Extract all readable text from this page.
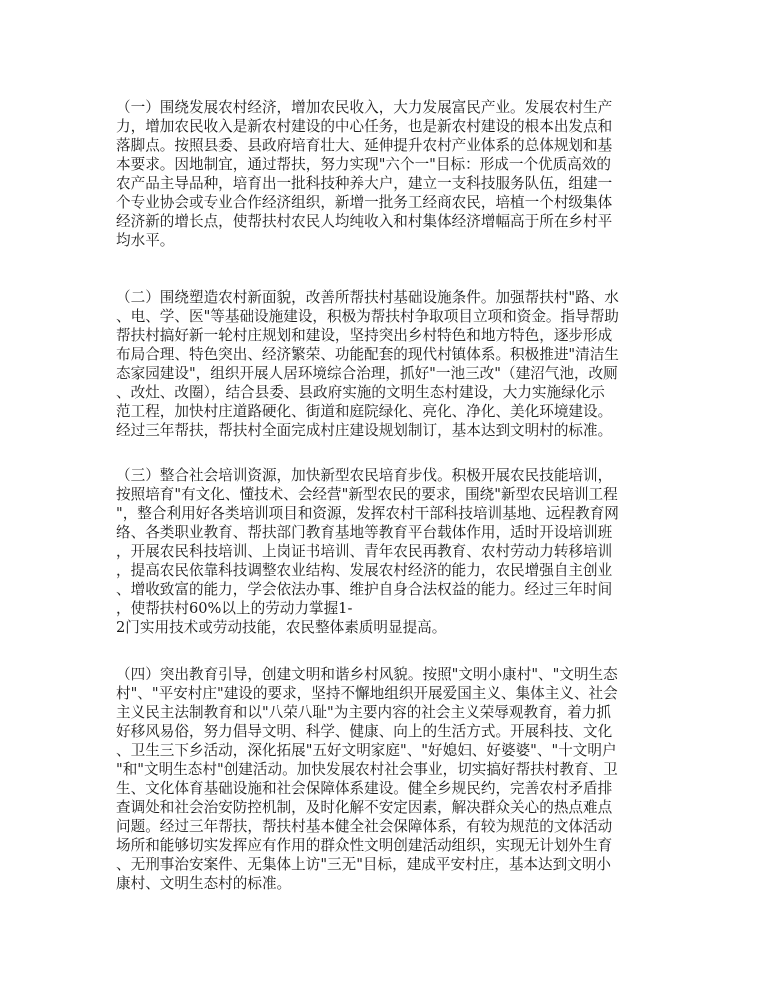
（一）围绕发展农村经济，增加农民收入，大力发展富民产业。发展农村生产
力，增加农民收入是新农村建设的中心任务，也是新农村建设的根本出发点和
落脚点。按照县委、县政府培育壮大、延伸提升农村产业体系的总体规划和基
本要求。因地制宜，通过帮扶，努力实现"六个一"目标：形成一个优质高效的
农产品主导品种，培育出一批科技种养大户，建立一支科技服务队伍，组建一
个专业协会或专业合作经济组织，新增一批务工经商农民，培植一个村级集体
经济新的增长点，使帮扶村农民人均纯收入和村集体经济增幅高于所在乡村平
均水平。
（二）围绕塑造农村新面貌，改善所帮扶村基础设施条件。加强帮扶村"路、水
、电、学、医"等基础设施建设，积极为帮扶村争取项目立项和资金。指导帮助
帮扶村搞好新一轮村庄规划和建设，坚持突出乡村特色和地方特色，逐步形成
布局合理、特色突出、经济繁荣、功能配套的现代村镇体系。积极推进"清洁生
态家园建设"，组织开展人居环境综合治理，抓好"一池三改"（建沼气池，改厕
、改灶、改圈），结合县委、县政府实施的文明生态村建设，大力实施绿化示
范工程，加快村庄道路硬化、街道和庭院绿化、亮化、净化、美化环境建设。
经过三年帮扶，帮扶村全面完成村庄建设规划制订，基本达到文明村的标准。
（三）整合社会培训资源，加快新型农民培育步伐。积极开展农民技能培训，
按照培育"有文化、懂技术、会经营"新型农民的要求，围绕"新型农民培训工程
"，整合利用好各类培训项目和资源，发挥农村干部科技培训基地、远程教育网
络、各类职业教育、帮扶部门教育基地等教育平台载体作用，适时开设培训班
，开展农民科技培训、上岗证书培训、青年农民再教育、农村劳动力转移培训
，提高农民依靠科技调整农业结构、发展农村经济的能力，农民增强自主创业
、增收致富的能力，学会依法办事、维护自身合法权益的能力。经过三年时间
，使帮扶村60%以上的劳动力掌握1-
2门实用技术或劳动技能，农民整体素质明显提高。
（四）突出教育引导，创建文明和谐乡村风貌。按照"文明小康村"、"文明生态
村"、"平安村庄"建设的要求，坚持不懈地组织开展爱国主义、集体主义、社会
主义民主法制教育和以"八荣八耻"为主要内容的社会主义荣辱观教育，着力抓
好移风易俗，努力倡导文明、科学、健康、向上的生活方式。开展科技、文化
、卫生三下乡活动，深化拓展"五好文明家庭"、"好媳妇、好婆婆"、"十文明户
"和"文明生态村"创建活动。加快发展农村社会事业，切实搞好帮扶村教育、卫
生、文化体育基础设施和社会保障体系建设。健全乡规民约，完善农村矛盾排
查调处和社会治安防控机制，及时化解不安定因素，解决群众关心的热点难点
问题。经过三年帮扶，帮扶村基本健全社会保障体系，有较为规范的文体活动
场所和能够切实发挥应有作用的群众性文明创建活动组织，实现无计划外生育
、无刑事治安案件、无集体上访"三无"目标，建成平安村庄，基本达到文明小
康村、文明生态村的标准。
